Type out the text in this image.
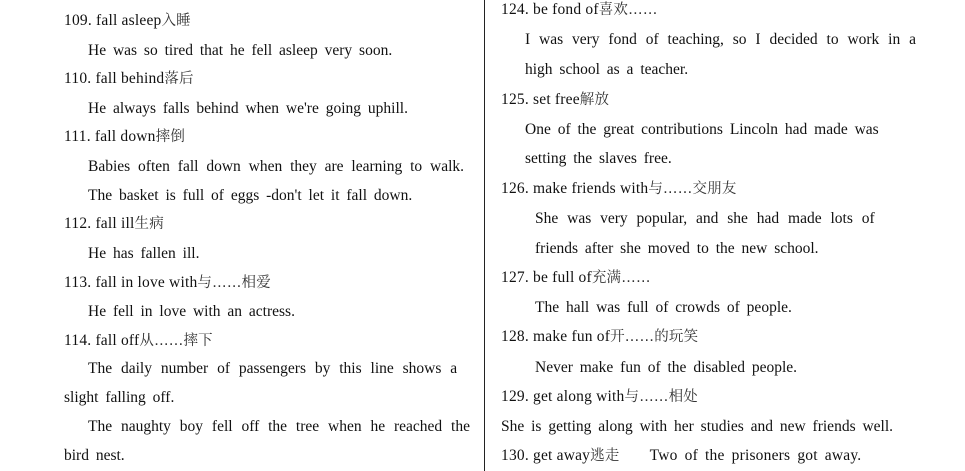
109. fall asleep入睡
He was so tired that he fell asleep very soon.
110. fall behind落后
He always falls behind when we're going uphill.
111. fall down摔倒
Babies often fall down when they are learning to walk.
The basket is full of eggs -don't let it fall down.
112. fall ill生病
He has fallen ill.
113. fall in love with与……相爱
He fell in love with an actress.
114. fall off从……摔下
The daily number of passengers by this line shows a
slight falling off.
The naughty boy fell off the tree when he reached the
bird nest.
124. be fond of喜欢……
I was very fond of teaching, so I decided to work in a
high school as a teacher.
125. set free解放
One of the great contributions Lincoln had made was
setting the slaves free.
126. make friends with与……交朋友
She was very popular, and she had made lots of
friends after she moved to the new school.
127. be full of充满……
The hall was full of crowds of people.
128. make fun of开……的玩笑
Never make fun of the disabled people.
129. get along with与……相处
She is getting along with her studies and new friends well.
130. get away逃走 Two of the prisoners got away.
